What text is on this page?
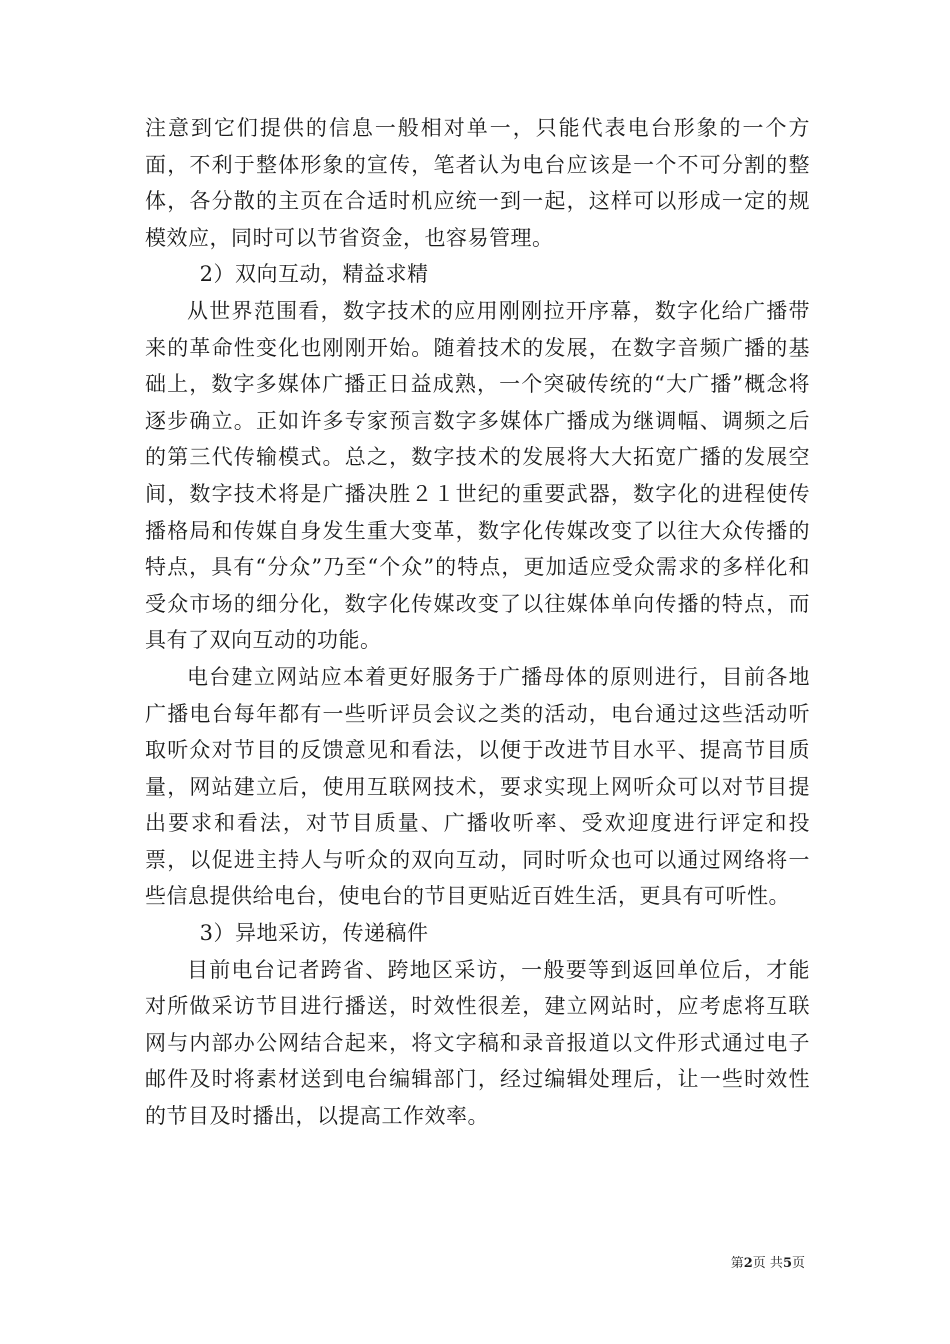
注意到它们提供的信息一般相对单一，只能代表电台形象的一个方面，不利于整体形象的宣传，笔者认为电台应该是一个不可分割的整体，各分散的主页在合适时机应统一到一起，这样可以形成一定的规模效应，同时可以节省资金，也容易管理。

2）双向互动，精益求精

从世界范围看，数字技术的应用刚刚拉开序幕，数字化给广播带来的革命性变化也刚刚开始。随着技术的发展，在数字音频广播的基础上，数字多媒体广播正日益成熟，一个突破传统的“大广播”概念将逐步确立。正如许多专家预言数字多媒体广播成为继调幅、调频之后的第三代传输模式。总之，数字技术的发展将大大拓宽广播的发展空间，数字技术将是广播决胜２１世纪的重要武器，数字化的进程使传播格局和传媒自身发生重大变革，数字化传媒改变了以往大众传播的特点，具有“分众”乃至“个众”的特点，更加适应受众需求的多样化和受众市场的细分化，数字化传媒改变了以往媒体单向传播的特点，而具有了双向互动的功能。

电台建立网站应本着更好服务于广播母体的原则进行，目前各地广播电台每年都有一些听评员会议之类的活动，电台通过这些活动听取听众对节目的反馈意见和看法，以便于改进节目水平、提高节目质量，网站建立后，使用互联网技术，要求实现上网听众可以对节目提出要求和看法，对节目质量、广播收听率、受欢迎度进行评定和投票，以促进主持人与听众的双向互动，同时听众也可以通过网络将一些信息提供给电台，使电台的节目更贴近百姓生活，更具有可听性。

3）异地采访，传递稿件

目前电台记者跨省、跨地区采访，一般要等到返回单位后，才能对所做采访节目进行播送，时效性很差，建立网站时，应考虑将互联网与内部办公网结合起来，将文字稿和录音报道以文件形式通过电子邮件及时将素材送到电台编辑部门，经过编辑处理后，让一些时效性的节目及时播出，以提高工作效率。

第2页 共5页
